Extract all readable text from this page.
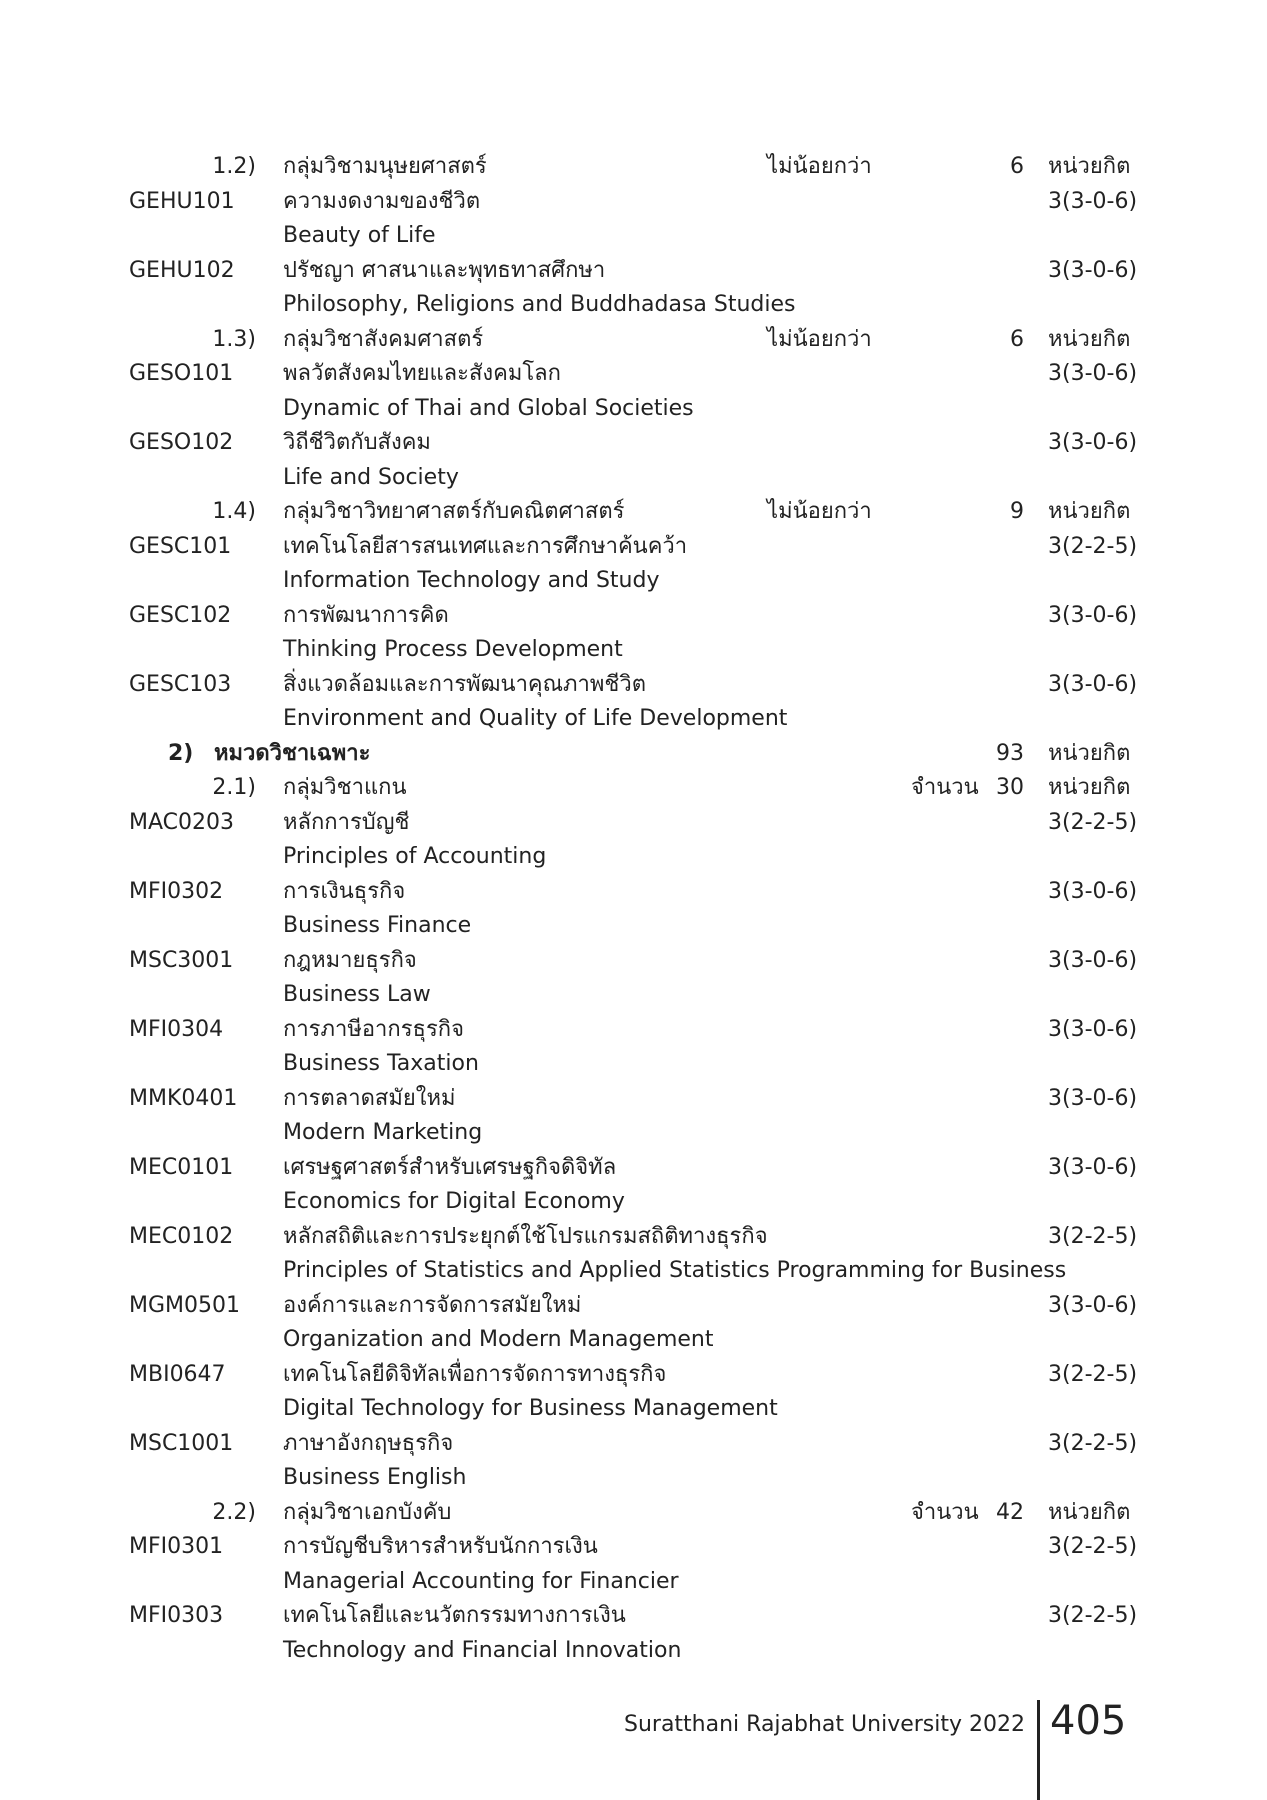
1.2) กลุ่มวิชามนุษยศาสตร์	ไม่น้อยกว่า	6 หน่วยกิต
GEHU101 ความงดงามของชีวิต	3(3-0-6)
Beauty of Life
GEHU102 ปรัชญา ศาสนาและพุทธทาสศึกษา	3(3-0-6)
Philosophy, Religions and Buddhadasa Studies
1.3) กลุ่มวิชาสังคมศาสตร์	ไม่น้อยกว่า	6 หน่วยกิต
GESO101 พลวัตสังคมไทยและสังคมโลก	3(3-0-6)
Dynamic of Thai and Global Societies
GESO102 วิถีชีวิตกับสังคม	3(3-0-6)
Life and Society
1.4) กลุ่มวิชาวิทยาศาสตร์กับคณิตศาสตร์	ไม่น้อยกว่า	9 หน่วยกิต
GESC101 เทคโนโลยีสารสนเทศและการศึกษาค้นคว้า	3(2-2-5)
Information Technology and Study
GESC102 การพัฒนาการคิด	3(3-0-6)
Thinking Process Development
GESC103 สิ่งแวดล้อมและการพัฒนาคุณภาพชีวิต	3(3-0-6)
Environment and Quality of Life Development
2) หมวดวิชาเฉพาะ	93 หน่วยกิต
2.1) กลุ่มวิชาแกน	จำนวน 30 หน่วยกิต
MAC0203 หลักการบัญชี	3(2-2-5)
Principles of Accounting
MFI0302	การเงินธุรกิจ	3(3-0-6)
Business Finance
MSC3001 กฎหมายธุรกิจ	3(3-0-6)
Business Law
MFI0304	การภาษีอากรธุรกิจ	3(3-0-6)
Business Taxation
MMK0401 การตลาดสมัยใหม่	3(3-0-6)
Modern Marketing
MEC0101 เศรษฐศาสตร์สำหรับเศรษฐกิจดิจิทัล	3(3-0-6)
Economics for Digital Economy
MEC0102 หลักสถิติและการประยุกต์ใช้โปรแกรมสถิติทางธุรกิจ	3(2-2-5)
Principles of Statistics and Applied Statistics Programming for Business
MGM0501 องค์การและการจัดการสมัยใหม่	3(3-0-6)
Organization and Modern Management
MBI0647	เทคโนโลยีดิจิทัลเพื่อการจัดการทางธุรกิจ	3(2-2-5)
Digital Technology for Business Management
MSC1001 ภาษาอังกฤษธุรกิจ	3(2-2-5)
Business English
2.2) กลุ่มวิชาเอกบังคับ	จำนวน 42 หน่วยกิต
MFI0301	การบัญชีบริหารสำหรับนักการเงิน	3(2-2-5)
Managerial Accounting for Financier
MFI0303	เทคโนโลยีและนวัตกรรมทางการเงิน	3(2-2-5)
Technology and Financial Innovation
Suratthani Rajabhat University 2022 405
